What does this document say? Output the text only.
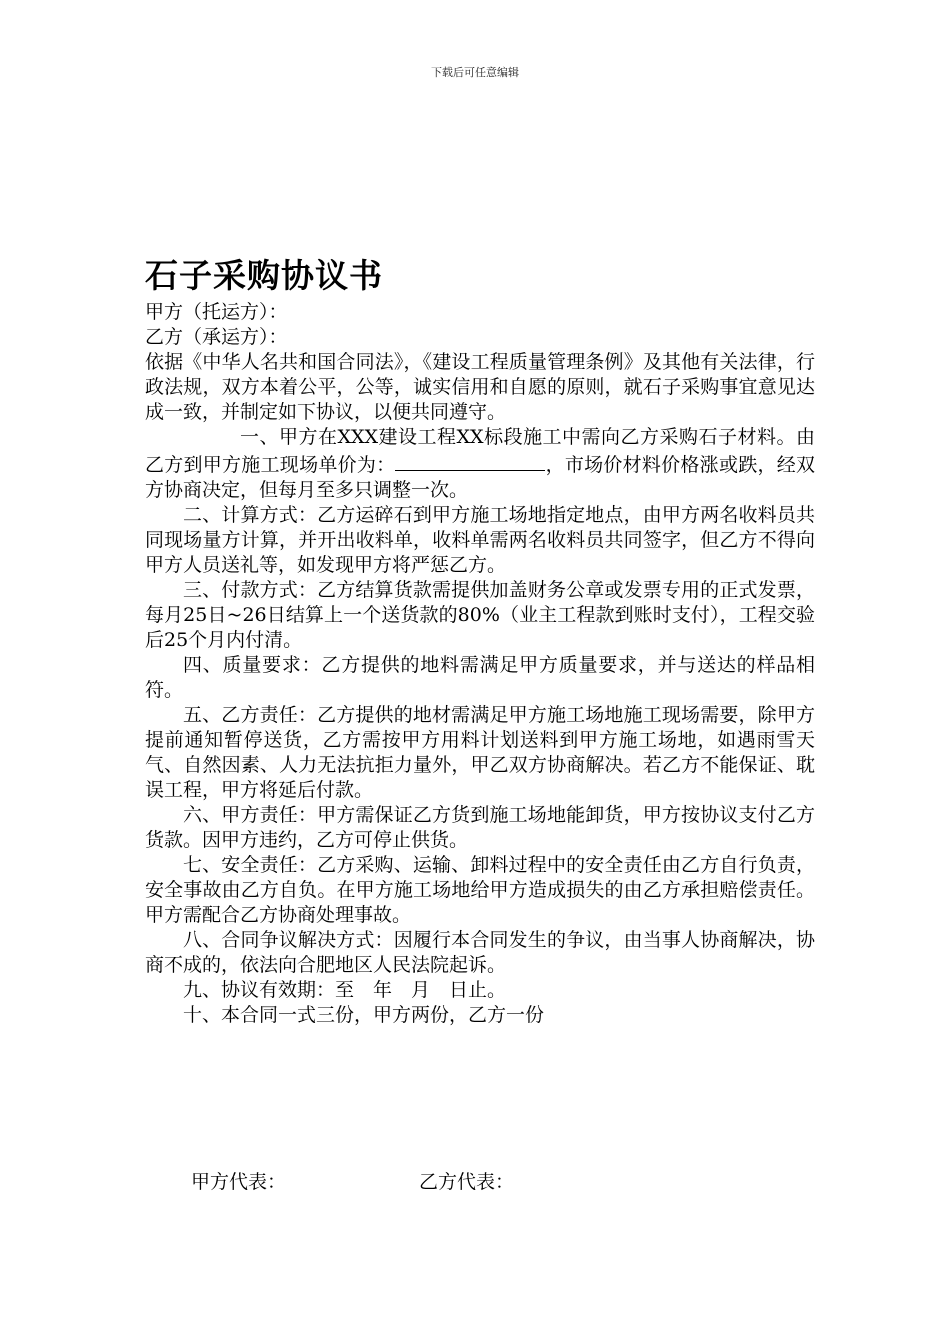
下载后可任意编辑
石子采购协议书

甲方（托运方）：

乙方（承运方）：

依据《中华人名共和国合同法》，《建设工程质量管理条例》及其他有关法律，行政法规，双方本着公平，公等，诚实信用和自愿的原则，就石子采购事宜意见达成一致，并制定如下协议，以便共同遵守。

一、甲方在XXX建设工程XX标段施工中需向乙方采购石子材料。由乙方到甲方施工现场单价为：	，市场价材料价格涨或跌，经双方协商决定，但每月至多只调整一次。

二、计算方式：乙方运碎石到甲方施工场地指定地点，由甲方两名收料员共同现场量方计算，并开出收料单，收料单需两名收料员共同签字，但乙方不得向甲方人员送礼等，如发现甲方将严惩乙方。

三、付款方式：乙方结算货款需提供加盖财务公章或发票专用的正式发票，每月25日~26日结算上一个送货款的80%（业主工程款到账时支付），工程交验后25个月内付清。

四、质量要求：乙方提供的地料需满足甲方质量要求，并与送达的样品相符。

五、乙方责任：乙方提供的地材需满足甲方施工场地施工现场需要，除甲方提前通知暂停送货，乙方需按甲方用料计划送料到甲方施工场地，如遇雨雪天气、自然因素、人力无法抗拒力量外，甲乙双方协商解决。若乙方不能保证、耽误工程，甲方将延后付款。

六、甲方责任：甲方需保证乙方货到施工场地能卸货，甲方按协议支付乙方货款。因甲方违约，乙方可停止供货。

七、安全责任：乙方采购、运输、卸料过程中的安全责任由乙方自行负责，安全事故由乙方自负。在甲方施工场地给甲方造成损失的由乙方承担赔偿责任。甲方需配合乙方协商处理事故。

八、合同争议解决方式：因履行本合同发生的争议，由当事人协商解决，协商不成的，依法向合肥地区人民法院起诉。

九、协议有效期：至　年　月　日止。

十、本合同一式三份，甲方两份，乙方一份

甲方代表：	乙方代表：
